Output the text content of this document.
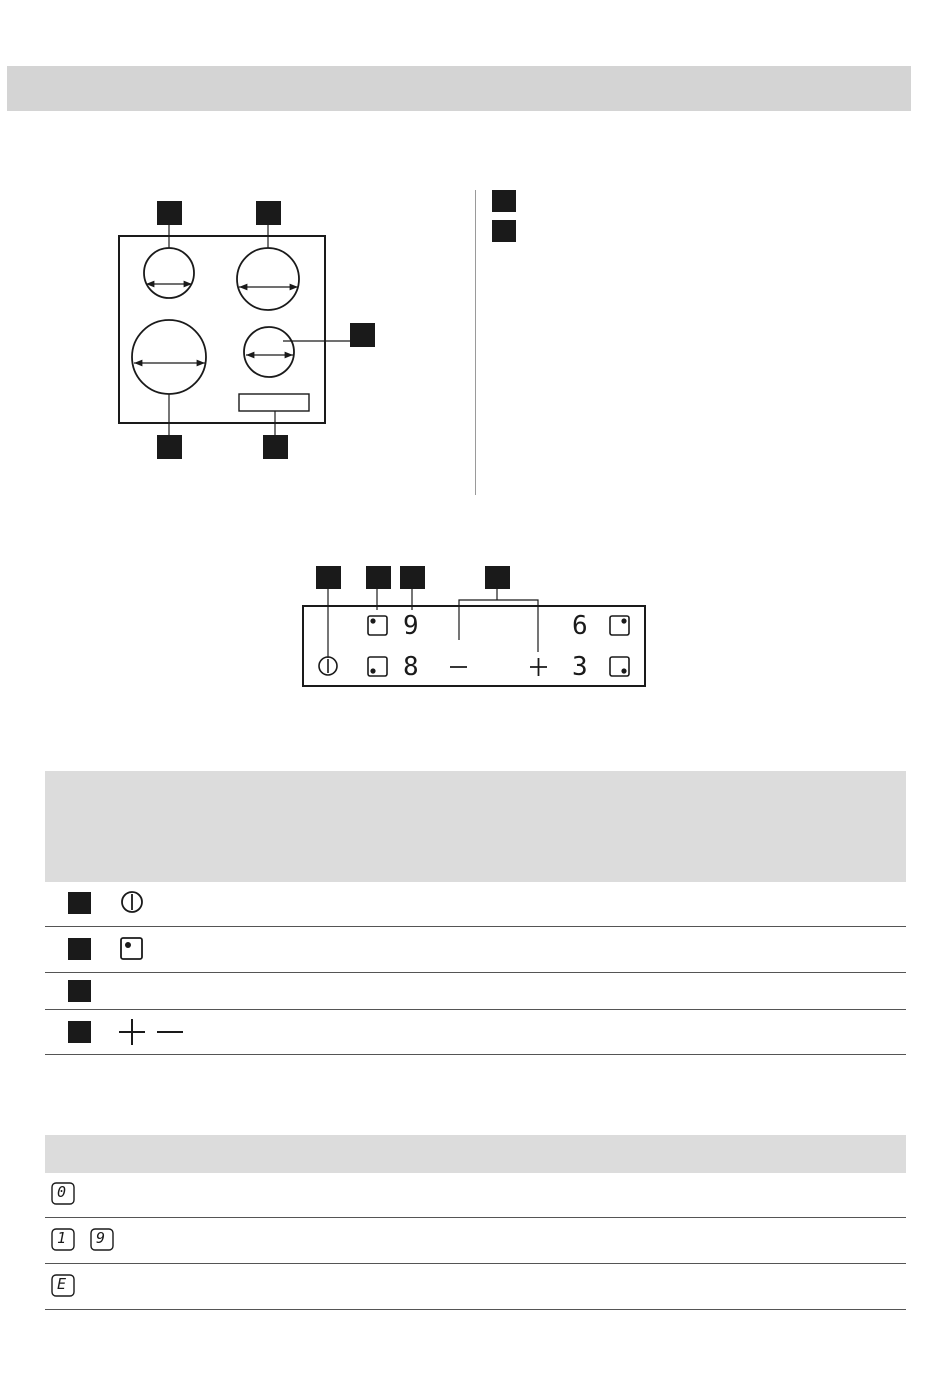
9
8
6
3
0
1 9
E
